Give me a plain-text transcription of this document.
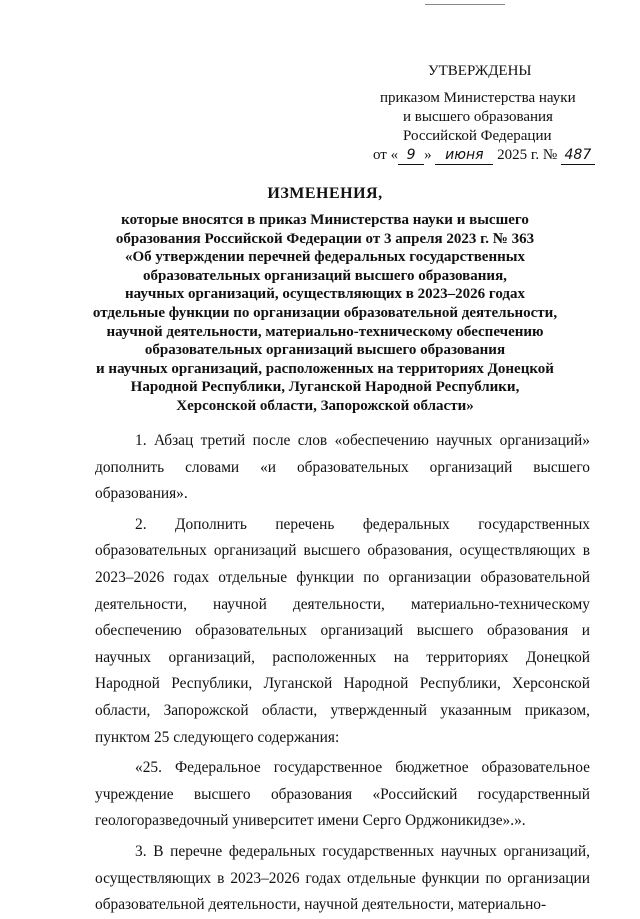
УТВЕРЖДЕНЫ
приказом Министерства науки
и высшего образования
Российской Федерации
от « 9 » июня 2025 г. № 487
ИЗМЕНЕНИЯ,
которые вносятся в приказ Министерства науки и высшего
образования Российской Федерации от 3 апреля 2023 г. № 363
«Об утверждении перечней федеральных государственных
образовательных организаций высшего образования,
научных организаций, осуществляющих в 2023–2026 годах
отдельные функции по организации образовательной деятельности,
научной деятельности, материально-техническому обеспечению
образовательных организаций высшего образования
и научных организаций, расположенных на территориях Донецкой
Народной Республики, Луганской Народной Республики,
Херсонской области, Запорожской области»

1. Абзац третий после слов «обеспечению научных организаций» дополнить словами «и образовательных организаций высшего образования».

2. Дополнить перечень федеральных государственных образовательных организаций высшего образования, осуществляющих в 2023–2026 годах отдельные функции по организации образовательной деятельности, научной деятельности, материально-техническому обеспечению образовательных организаций высшего образования и научных организаций, расположенных на территориях Донецкой Народной Республики, Луганской Народной Республики, Херсонской области, Запорожской области, утвержденный указанным приказом, пунктом 25 следующего содержания:

«25. Федеральное государственное бюджетное образовательное учреждение высшего образования «Российский государственный геологоразведочный университет имени Серго Орджоникидзе».».

3. В перечне федеральных государственных научных организаций, осуществляющих в 2023–2026 годах отдельные функции по организации образовательной деятельности, научной деятельности, материально-
